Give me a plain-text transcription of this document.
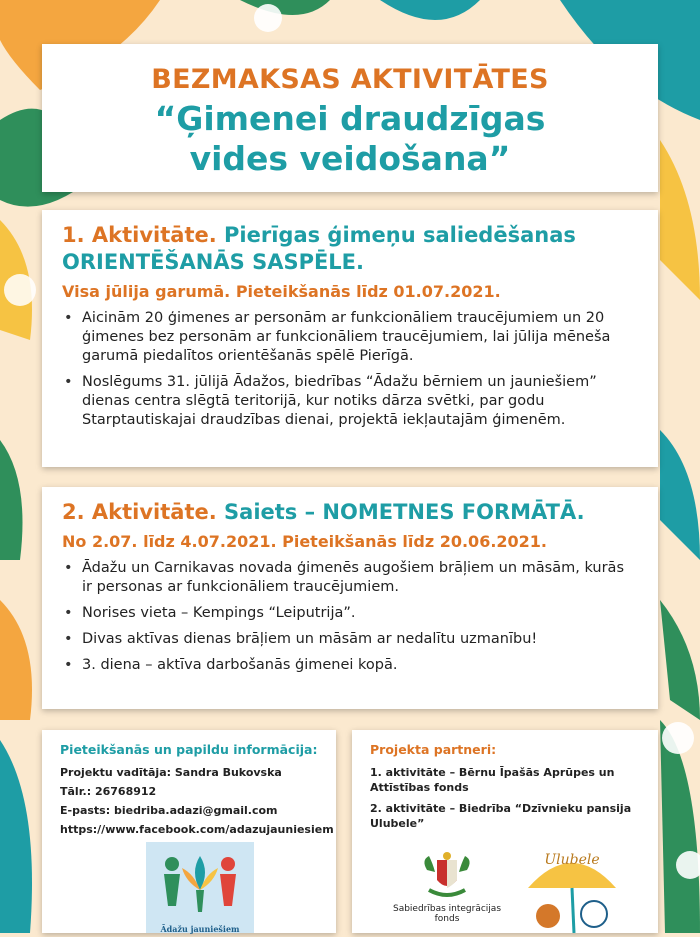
BEZMAKSAS AKTIVITĀTES
“Ģimenei draudzīgas
vides veidošana”
1. Aktivitāte. Pierīgas ģimeņu saliedēšanas
ORIENTĒŠANĀS SASPĒLE.
Visa jūlija garumā. Pieteikšanās līdz 01.07.2021.
• Aicinām 20 ģimenes ar personām ar funkcionāliem traucējumiem un 20 ģimenes bez personām ar funkcionāliem traucējumiem, lai jūlija mēneša garumā piedalītos orientēšanās spēlē Pierīgā.
• Noslēgums 31. jūlijā Ādažos, biedrības “Ādažu bērniem un jauniešiem” dienas centra slēgtā teritorijā, kur notiks dārza svētki, par godu Starptautiskajai draudzības dienai, projektā iekļautajām ģimenēm.
2. Aktivitāte. Saiets – NOMETNES FORMĀTĀ.
No 2.07. līdz 4.07.2021. Pieteikšanās līdz 20.06.2021.
• Ādažu un Carnikavas novada ģimenēs augošiem brāļiem un māsām, kurās ir personas ar funkcionāliem traucējumiem.
• Norises vieta – Kempings “Leiputrija”.
• Divas aktīvas dienas brāļiem un māsām ar nedalītu uzmanību!
• 3. diena – aktīva darbošanās ģimenei kopā.
Pieteikšanās un papildu informācija:
Projektu vadītāja: Sandra Bukovska
Tālr.: 26768912
E-pasts: biedriba.adazi@gmail.com
https://www.facebook.com/adazujauniesiem
Ādažu jauniešiem
Projekta partneri:
1. aktivitāte – Bērnu Īpašās Aprūpes un Attīstības fonds
2. aktivitāte – Biedrība “Dzīvnieku pansija Ulubele”
Sabiedrības integrācijas fonds
Ulubele
